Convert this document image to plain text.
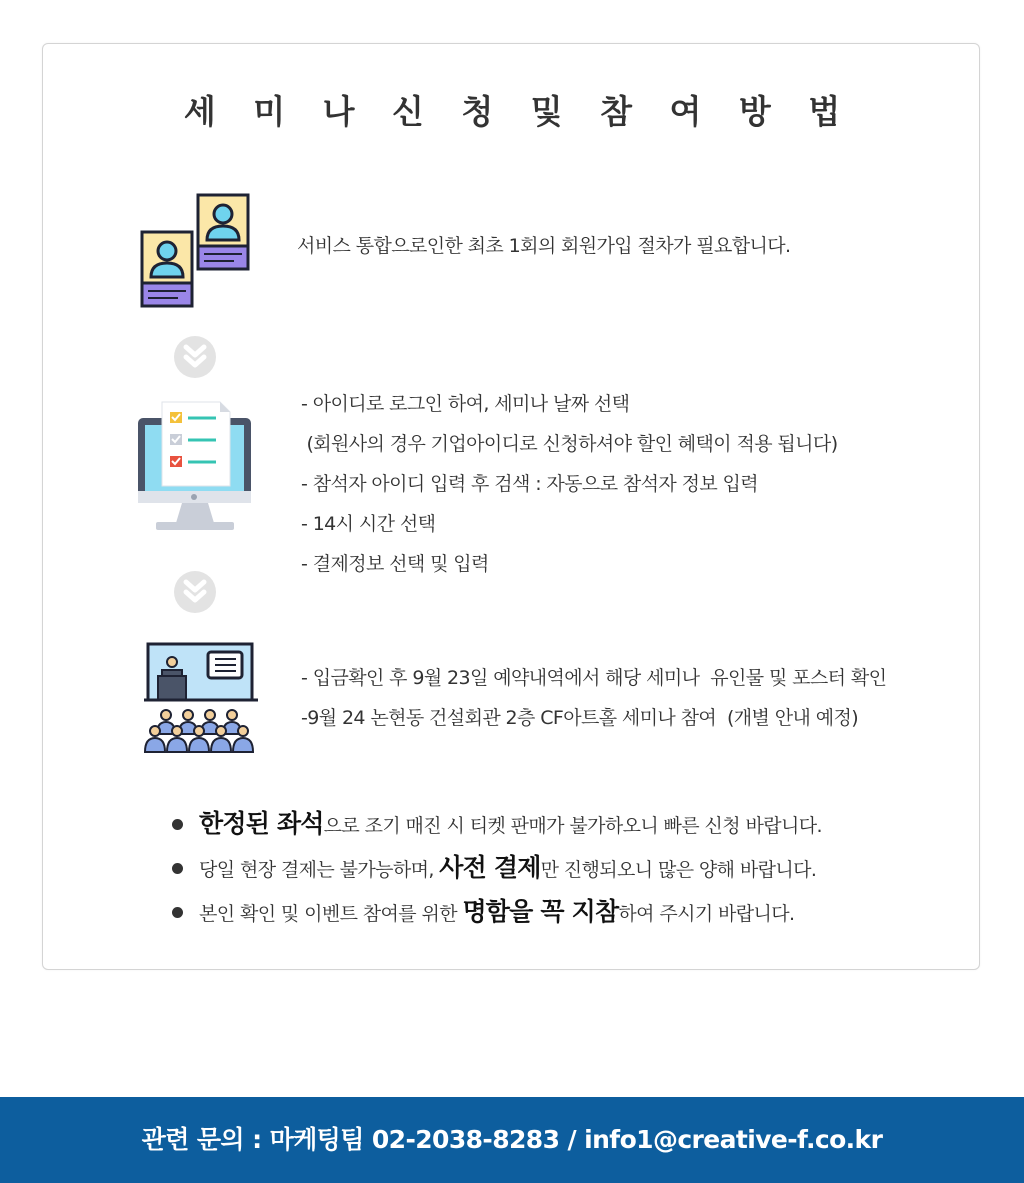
세 미 나 신 청 및 참 여 방 법
서비스 통합으로인한 최초 1회의 회원가입 절차가 필요합니다.
- 아이디로 로그인 하여, 세미나 날짜 선택
(회원사의 경우 기업아이디로 신청하셔야 할인 혜택이 적용 됩니다)
- 참석자 아이디 입력 후 검색 : 자동으로 참석자 정보 입력
- 14시 시간 선택
- 결제정보 선택 및 입력
- 입금확인 후 9월 23일 예약내역에서 해당 세미나  유인물 및 포스터 확인
-9월 24 논현동 건설회관 2층 CF아트홀 세미나 참여  (개별 안내 예정)
한정된 좌석으로 조기 매진 시 티켓 판매가 불가하오니 빠른 신청 바랍니다.
당일 현장 결제는 불가능하며, 사전 결제만 진행되오니 많은 양해 바랍니다.
본인 확인 및 이벤트 참여를 위한 명함을 꼭 지참하여 주시기 바랍니다.
관련 문의 : 마케팅팀 02-2038-8283 / info1@creative-f.co.kr
